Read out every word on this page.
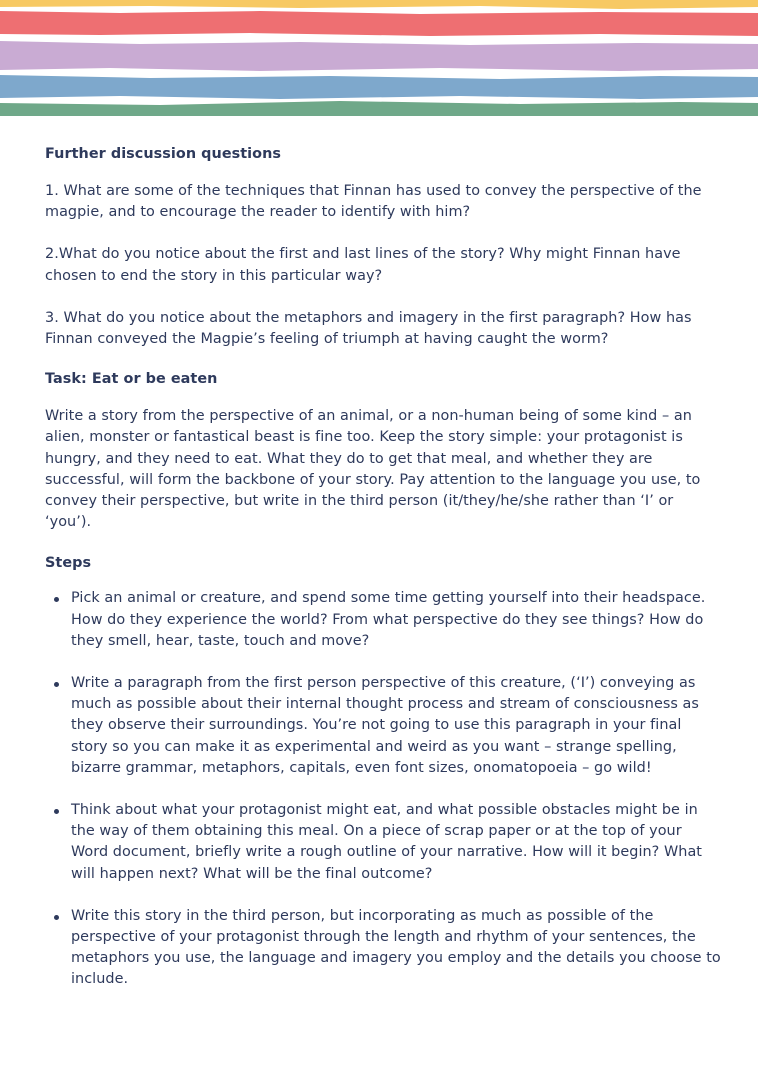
Further discussion questions

1. What are some of the techniques that Finnan has used to convey the perspective of the magpie, and to encourage the reader to identify with him?

2.What do you notice about the first and last lines of the story? Why might Finnan have chosen to end the story in this particular way?

3. What do you notice about the metaphors and imagery in the first paragraph? How has Finnan conveyed the Magpie’s feeling of triumph at having caught the worm?

Task: Eat or be eaten

Write a story from the perspective of an animal, or a non-human being of some kind – an alien, monster or fantastical beast is fine too. Keep the story simple: your protagonist is hungry, and they need to eat. What they do to get that meal, and whether they are successful, will form the backbone of your story. Pay attention to the language you use, to convey their perspective, but write in the third person (it/they/he/she rather than ‘I’ or ‘you’).

Steps

Pick an animal or creature, and spend some time getting yourself into their headspace. How do they experience the world? From what perspective do they see things? How do they smell, hear, taste, touch and move?
Write a paragraph from the first person perspective of this creature, (‘I’) conveying as much as possible about their internal thought process and stream of consciousness as they observe their surroundings. You’re not going to use this paragraph in your final story so you can make it as experimental and weird as you want – strange spelling, bizarre grammar, metaphors, capitals, even font sizes, onomatopoeia – go wild!
Think about what your protagonist might eat, and what possible obstacles might be in the way of them obtaining this meal. On a piece of scrap paper or at the top of your Word document, briefly write a rough outline of your narrative. How will it begin? What will happen next? What will be the final outcome?
Write this story in the third person, but incorporating as much as possible of the perspective of your protagonist through the length and rhythm of your sentences, the metaphors you use, the language and imagery you employ and the details you choose to include.
